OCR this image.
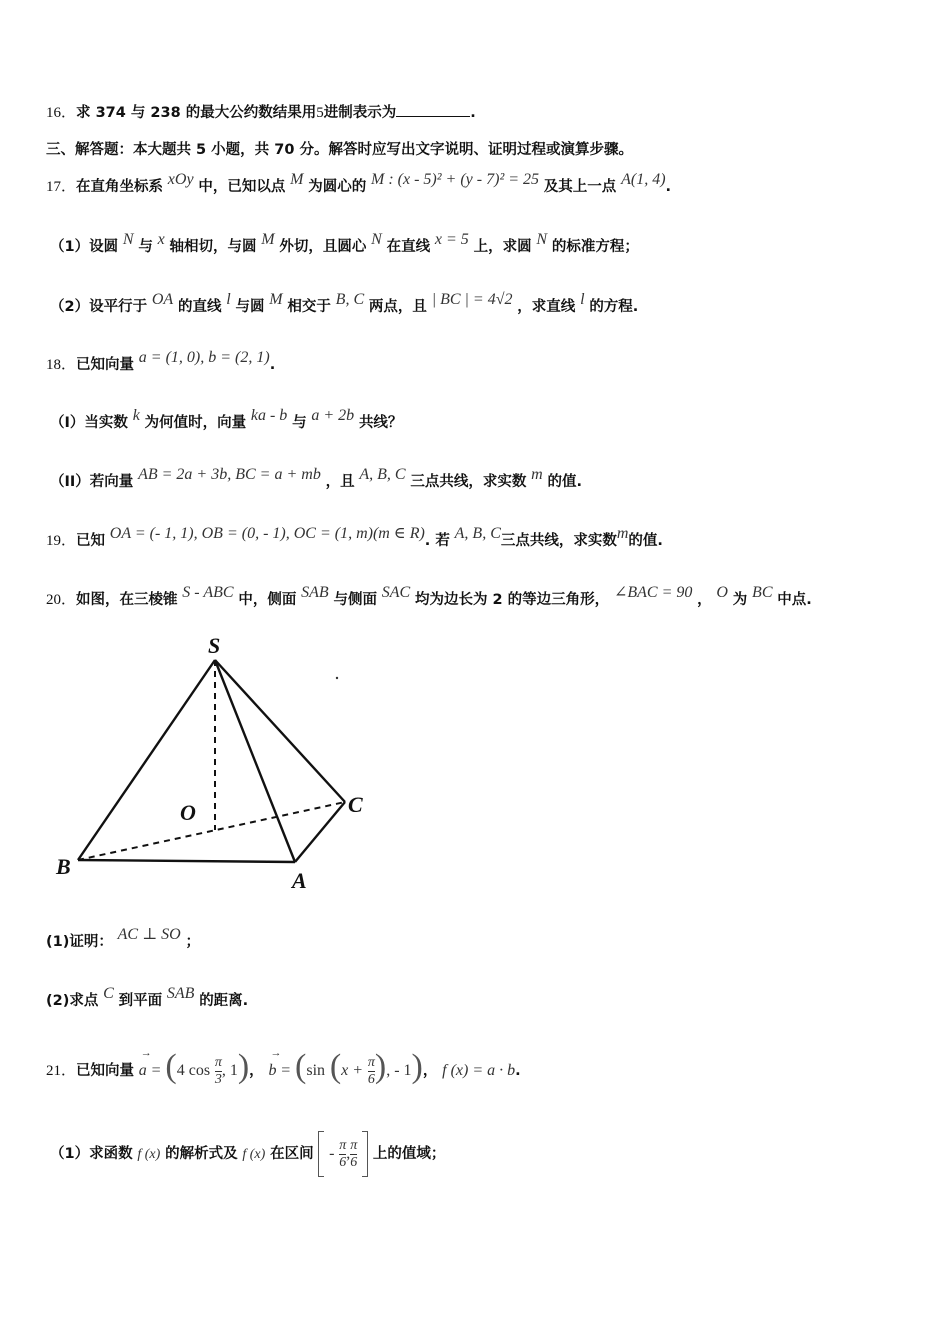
16．求 374 与 238 的最大公约数结果用5进制表示为	.
三、解答题：本大题共 5 小题，共 70 分。解答时应写出文字说明、证明过程或演算步骤。
17．在直角坐标系 xOy 中，已知以点 M 为圆心的 M : (x - 5)² + (y - 7)² = 25 及其上一点 A(1, 4).
（1）设圆 N 与 x 轴相切，与圆 M 外切，且圆心 N 在直线 x = 5 上，求圆 N 的标准方程；
（2）设平行于 OA 的直线 l 与圆 M 相交于 B, C 两点，且 | BC | = 4√2 ，求直线 l 的方程.
18．已知向量 a = (1, 0), b = (2, 1).
（I）当实数 k 为何值时，向量 ka - b 与 a + 2b 共线？
（II）若向量 AB = 2a + 3b, BC = a + mb ，且 A, B, C 三点共线，求实数 m 的值.
19．已知 OA = (- 1, 1), OB = (0, - 1), OC = (1, m)(m ∈ R). 若 A, B, C三点共线，求实数m的值.
20．如图，在三棱锥 S - ABC 中，侧面 SAB 与侧面 SAC 均为边长为 2 的等边三角形， ∠BAC = 90 ， O 为 BC 中点.
S
O	C
B
A
(1)证明： AC ⊥ SO ；
(2)求点 C 到平面 SAB 的距离.
21．已知向量
→
a = (4 $\cos \frac{\pi}{3}$ , 1)，
→
b = (sin ($x + \frac{\pi}{6}$ ), - 1)， f (x) = a · b.
（1）求函数 f (x) 的解析式及 f (x) 在区间 - $\frac{\pi}{6}$ , $\frac{\pi}{6}$ 上的值域；
